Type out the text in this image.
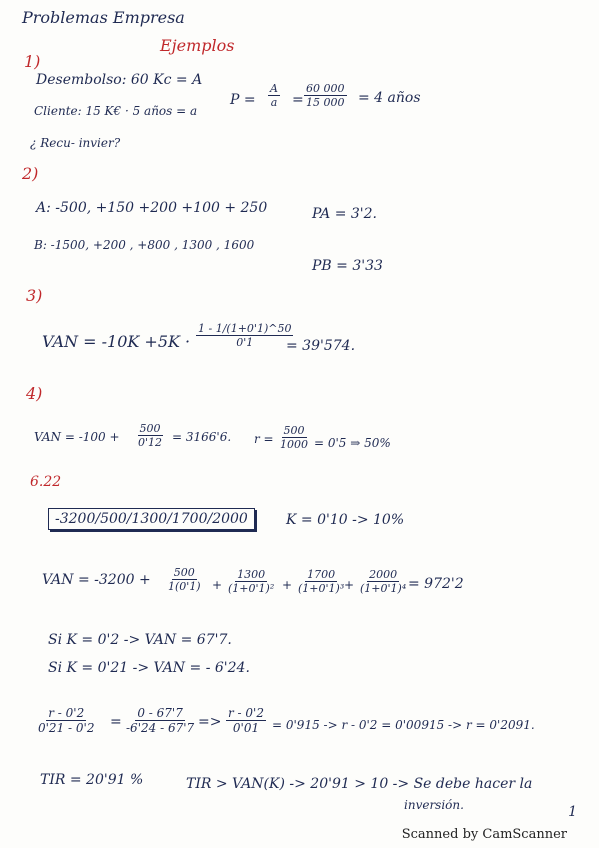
Problemas Empresa
Ejemplos
1)
Desembolso: 60 Kc = A
Cliente: 15 K€ · 5 años = a
$P = \frac{A}{a} = \frac{60 000}{15 000} = 4$ años
¿ Recu- invier?
2)
A: -500, +150 +200 +100 + 250	PA = 3'2.
B: -1500, +200 , +800 , 1300 , 1600
PB = 3'33
3)
VAN = $-10K +5K \cdot \frac{1 - 1/(1+0'1)\^{}50}{0'1}$
= 39'574.
4)
VAN = $-100 + \frac{500}{0'12} = 3166'6$. $r = \frac{500}{1000} = 0'5$ ⇒ 50%
6.22
-3200/500/1300/1700/2000	K = 0'10 -> 10%
VAN = $-3200 + \frac{500}{1(0'1)} + \frac{1300}{\text{(1+0'1)²}} + \frac{1700}{\text{(1+0'1)³}}$
+ $\frac{2000}{\text{(1+0'1)⁴}} = 972'2$
Si K = 0'2 -> VAN = 67'7.
Si K = 0'21 -> VAN = - 6'24.
$\frac{r - 0'2}{0'21 - 0'2} = \frac{0 - 67'7}{-6'24 - 67'7} => \frac{r - 0'2}{0'01} = 0'915 -> r - 0'2 = 0'00915 -> r = 0'2091$.
TIR = 20'91 %	TIR > VAN(K) -> 20'91 > 10 -> Se debe hacer la
inversión.	1
Scanned by CamScanner
